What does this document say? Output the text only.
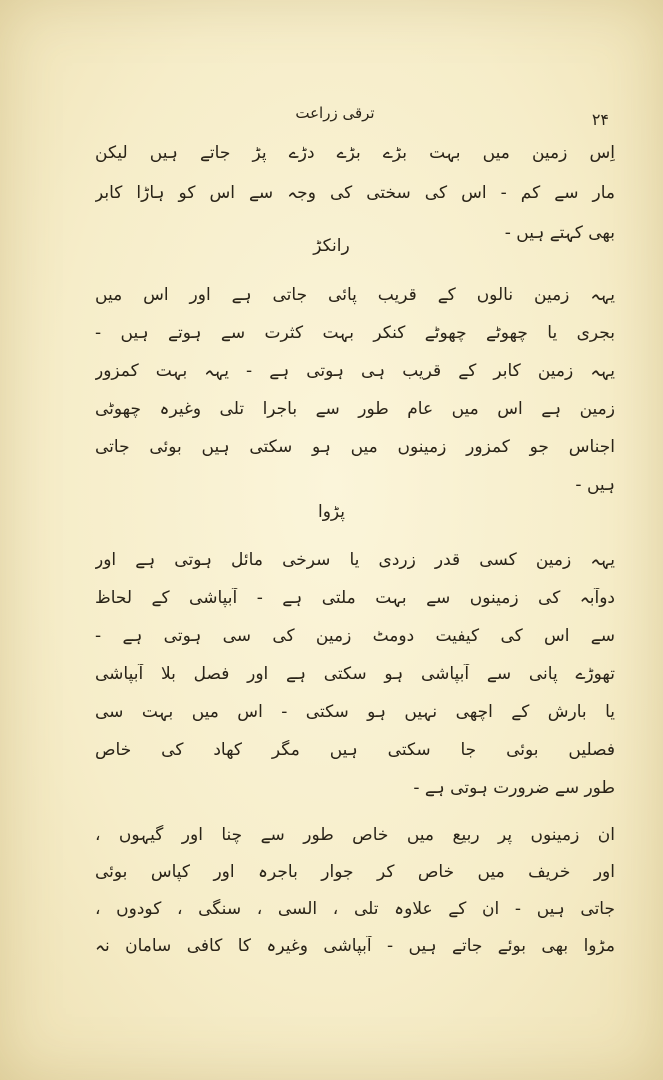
ترقی زراعت	۲۴
اِس زمین میں بہت بڑے بڑے دڑے پڑ جاتے ہیں لیکن
مار سے کم - اس کی سختی کی وجہ سے اس کو ہاڑا کابر
بھی کہتے ہیں -
رانکڑ
یہہ زمین نالوں کے قریب پائی جاتی ہے اور اس میں
بجری یا چھوٹے چھوٹے کنکر بہت کثرت سے ہوتے ہیں -
یہہ زمین کابر کے قریب ہی ہوتی ہے - یہہ بہت کمزور
زمین ہے اس میں عام طور سے باجرا تلی وغیرہ چھوٹی
اجناس جو کمزور زمینوں میں ہو سکتی ہیں بوئی جاتی
ہیں -
پڑوا
یہہ زمین کسی قدر زردی یا سرخی مائل ہوتی ہے اور
دوآبہ کی زمینوں سے بہت ملتی ہے - آبپاشی کے لحاظ
سے اس کی کیفیت دومٹ زمین کی سی ہوتی ہے -
تھوڑے پانی سے آبپاشی ہو سکتی ہے اور فصل بلا آبپاشی
یا بارش کے اچھی نہیں ہو سکتی - اس میں بہت سی
فصلیں بوئی جا سکتی ہیں مگر کھاد کی خاص
طور سے ضرورت ہوتی ہے -
ان زمینوں پر ربیع میں خاص طور سے چنا اور گیہوں ،
اور خریف میں خاص کر جوار باجرہ اور کپاس بوئی
جاتی ہیں - ان کے علاوہ تلی ، السی ، سنگی ، کودوں ،
مڑوا بھی بوئے جاتے ہیں - آبپاشی وغیرہ کا کافی سامان نہ
